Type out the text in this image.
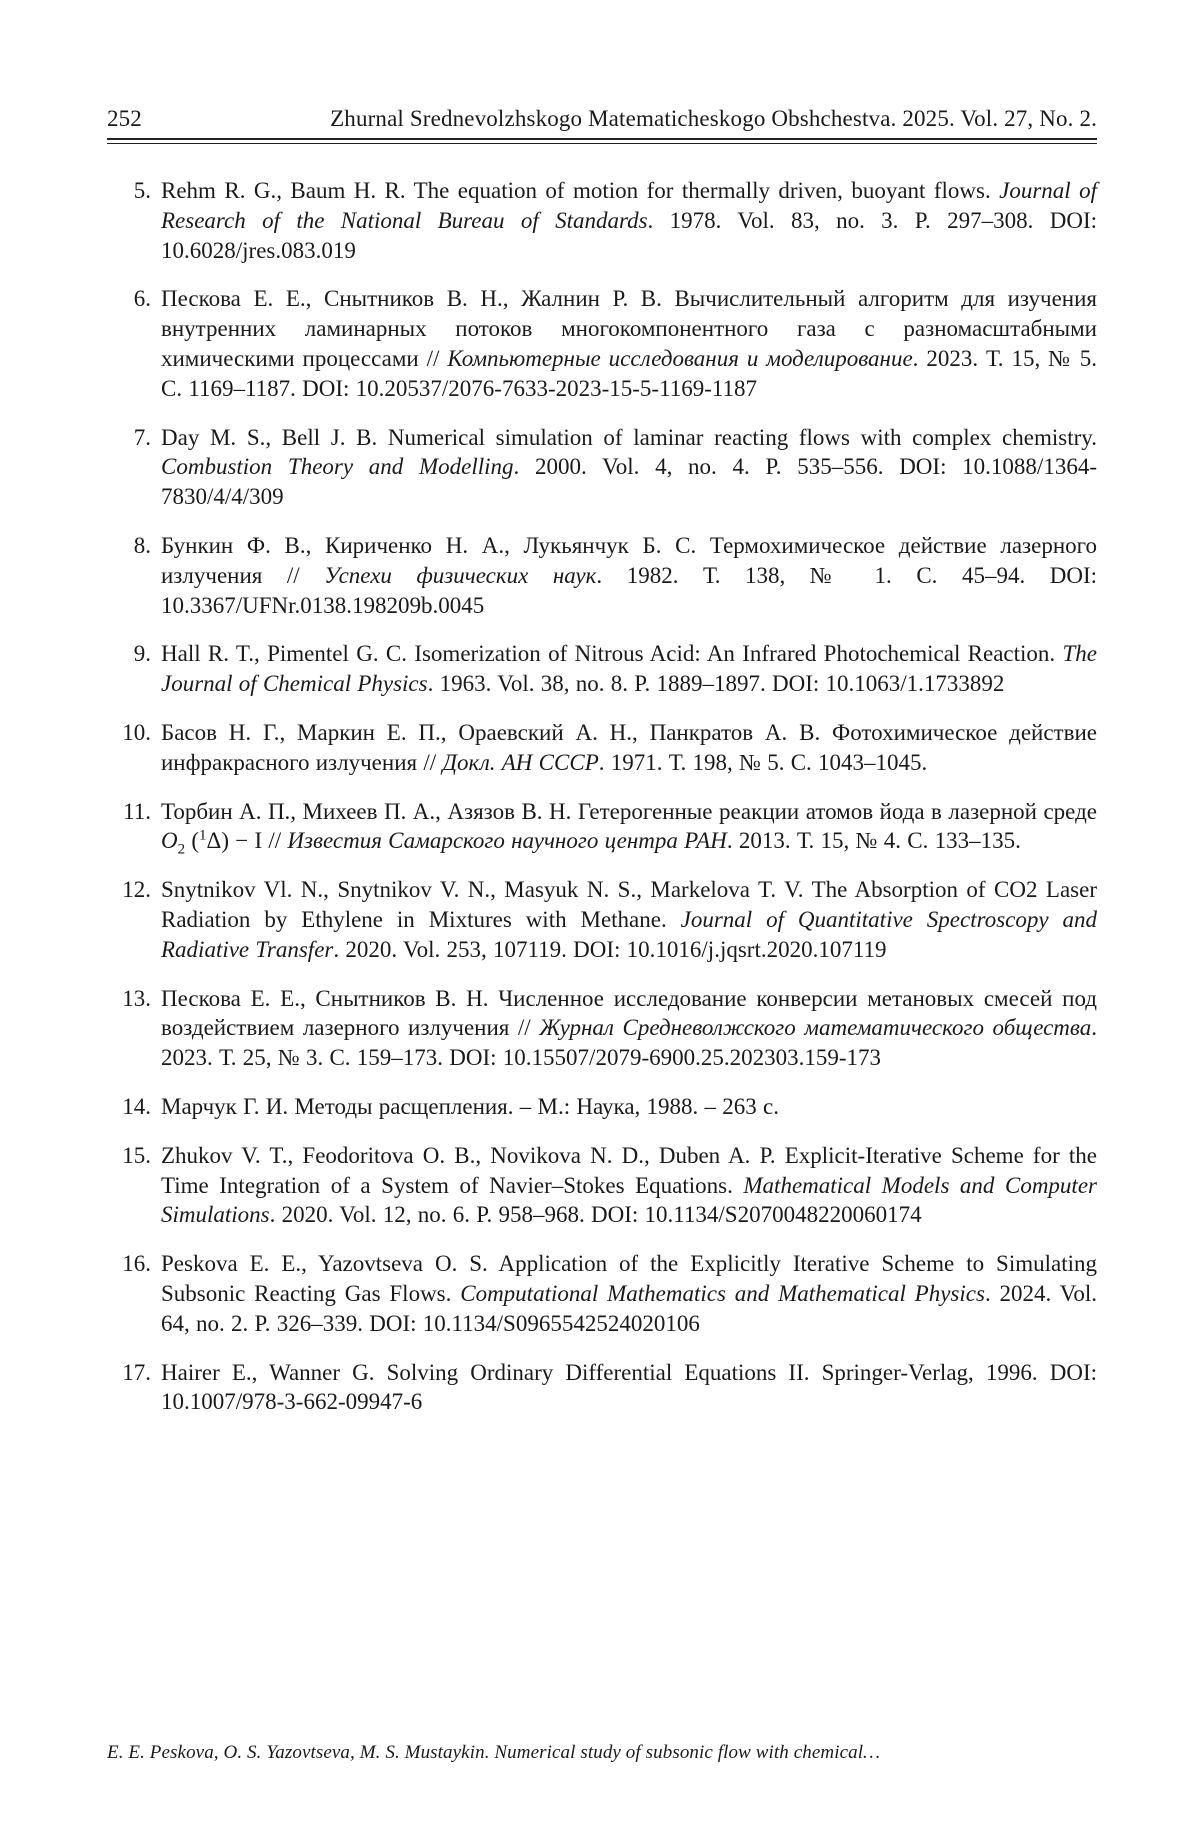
252	Zhurnal Srednevolzhskogo Matematicheskogo Obshchestva. 2025. Vol. 27, No. 2.
5. Rehm R. G., Baum H. R. The equation of motion for thermally driven, buoyant flows. Journal of Research of the National Bureau of Standards. 1978. Vol. 83, no. 3. P. 297–308. DOI: 10.6028/jres.083.019
6. Пескова Е. Е., Снытников В. Н., Жалнин Р. В. Вычислительный алгоритм для изучения внутренних ламинарных потоков многокомпонентного газа с разномасштабными химическими процессами // Компьютерные исследования и моделирование. 2023. Т. 15, № 5. С. 1169–1187. DOI: 10.20537/2076-7633-2023-15-5-1169-1187
7. Day M. S., Bell J. B. Numerical simulation of laminar reacting flows with complex chemistry. Combustion Theory and Modelling. 2000. Vol. 4, no. 4. P. 535–556. DOI: 10.1088/1364-7830/4/4/309
8. Бункин Ф. В., Кириченко Н. А., Лукьянчук Б. С. Термохимическое действие лазерного излучения // Успехи физических наук. 1982. Т. 138, № 1. С. 45–94. DOI: 10.3367/UFNr.0138.198209b.0045
9. Hall R. T., Pimentel G. C. Isomerization of Nitrous Acid: An Infrared Photochemical Reaction. The Journal of Chemical Physics. 1963. Vol. 38, no. 8. P. 1889–1897. DOI: 10.1063/1.1733892
10. Басов Н. Г., Маркин Е. П., Ораевский А. Н., Панкратов А. В. Фотохимическое действие инфракрасного излучения // Докл. АН СССР. 1971. Т. 198, № 5. С. 1043–1045.
11. Торбин А. П., Михеев П. А., Азязов В. Н. Гетерогенные реакции атомов йода в лазерной среде $O_2$ ($^1$Δ) − I // Известия Самарского научного центра РАН. 2013. Т. 15, № 4. С. 133–135.
12. Snytnikov Vl. N., Snytnikov V. N., Masyuk N. S., Markelova T. V. The Absorption of CO2 Laser Radiation by Ethylene in Mixtures with Methane. Journal of Quantitative Spectroscopy and Radiative Transfer. 2020. Vol. 253, 107119. DOI: 10.1016/j.jqsrt.2020.107119
13. Пескова Е. Е., Снытников В. Н. Численное исследование конверсии метановых смесей под воздействием лазерного излучения // Журнал Средневолжского математического общества. 2023. Т. 25, № 3. С. 159–173. DOI: 10.15507/2079-6900.25.202303.159-173
14. Марчук Г. И. Методы расщепления. – М.: Наука, 1988. – 263 с.
15. Zhukov V. T., Feodoritova O. B., Novikova N. D., Duben A. P. Explicit-Iterative Scheme for the Time Integration of a System of Navier–Stokes Equations. Mathematical Models and Computer Simulations. 2020. Vol. 12, no. 6. P. 958–968. DOI: 10.1134/S2070048220060174
16. Peskova E. E., Yazovtseva O. S. Application of the Explicitly Iterative Scheme to Simulating Subsonic Reacting Gas Flows. Computational Mathematics and Mathematical Physics. 2024. Vol. 64, no. 2. P. 326–339. DOI: 10.1134/S0965542524020106
17. Hairer E., Wanner G. Solving Ordinary Differential Equations II. Springer-Verlag, 1996. DOI: 10.1007/978-3-662-09947-6
E. E. Peskova, O. S. Yazovtseva, M. S. Mustaykin. Numerical study of subsonic flow with chemical…
